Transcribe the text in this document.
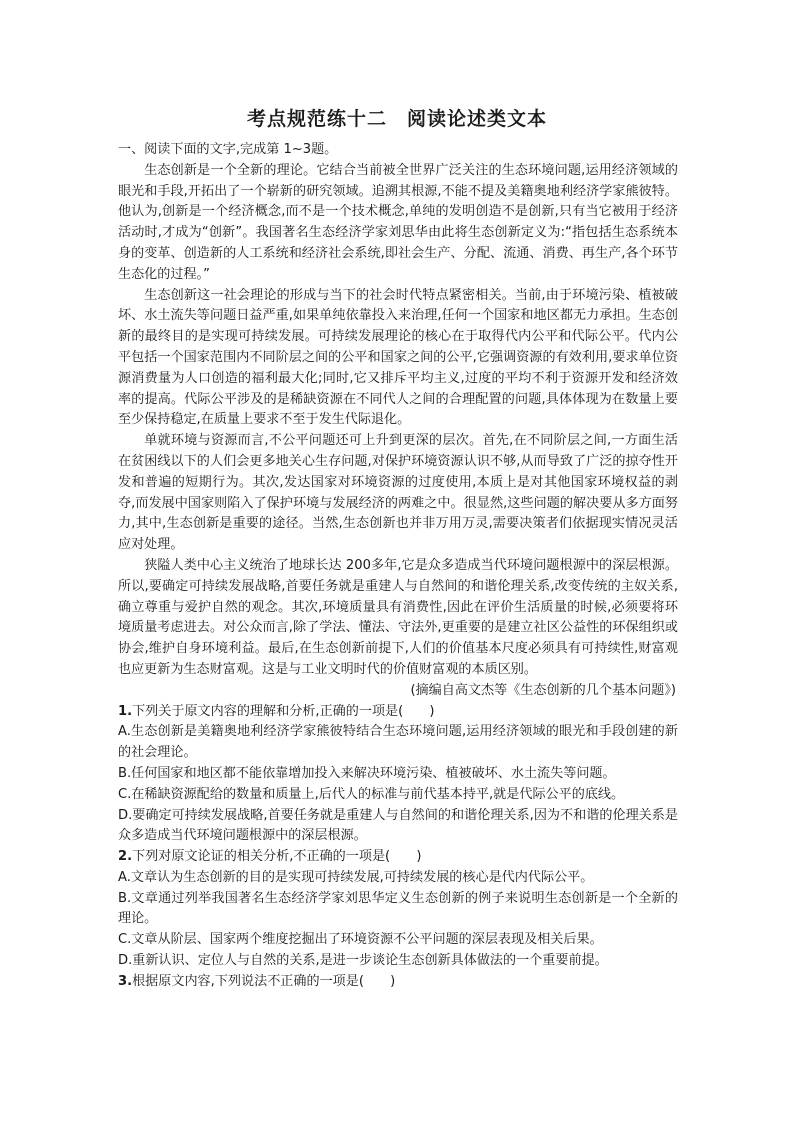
考点规范练十二　阅读论述类文本

一、阅读下面的文字,完成第 1~3题。

生态创新是一个全新的理论。它结合当前被全世界广泛关注的生态环境问题,运用经济领域的眼光和手段,开拓出了一个崭新的研究领域。追溯其根源,不能不提及美籍奥地利经济学家熊彼特。他认为,创新是一个经济概念,而不是一个技术概念,单纯的发明创造不是创新,只有当它被用于经济活动时,才成为“创新”。我国著名生态经济学家刘思华由此将生态创新定义为:“指包括生态系统本身的变革、创造新的人工系统和经济社会系统,即社会生产、分配、流通、消费、再生产,各个环节生态化的过程。”

生态创新这一社会理论的形成与当下的社会时代特点紧密相关。当前,由于环境污染、植被破坏、水土流失等问题日益严重,如果单纯依靠投入来治理,任何一个国家和地区都无力承担。生态创新的最终目的是实现可持续发展。可持续发展理论的核心在于取得代内公平和代际公平。代内公平包括一个国家范围内不同阶层之间的公平和国家之间的公平,它强调资源的有效利用,要求单位资源消费量为人口创造的福利最大化;同时,它又排斥平均主义,过度的平均不利于资源开发和经济效率的提高。代际公平涉及的是稀缺资源在不同代人之间的合理配置的问题,具体体现为在数量上要至少保持稳定,在质量上要求不至于发生代际退化。

单就环境与资源而言,不公平问题还可上升到更深的层次。首先,在不同阶层之间,一方面生活在贫困线以下的人们会更多地关心生存问题,对保护环境资源认识不够,从而导致了广泛的掠夺性开发和普遍的短期行为。其次,发达国家对环境资源的过度使用,本质上是对其他国家环境权益的剥夺,而发展中国家则陷入了保护环境与发展经济的两难之中。很显然,这些问题的解决要从多方面努力,其中,生态创新是重要的途径。当然,生态创新也并非万用万灵,需要决策者们依据现实情况灵活应对处理。

狭隘人类中心主义统治了地球长达 200多年,它是众多造成当代环境问题根源中的深层根源。所以,要确定可持续发展战略,首要任务就是重建人与自然间的和谐伦理关系,改变传统的主奴关系,确立尊重与爱护自然的观念。其次,环境质量具有消费性,因此在评价生活质量的时候,必须要将环境质量考虑进去。对公众而言,除了学法、懂法、守法外,更重要的是建立社区公益性的环保组织或协会,维护自身环境利益。最后,在生态创新前提下,人们的价值基本尺度必须具有可持续性,财富观也应更新为生态财富观。这是与工业文明时代的价值财富观的本质区别。

(摘编自高文杰等《生态创新的几个基本问题》)

1.下列关于原文内容的理解和分析,正确的一项是(　　)

A.生态创新是美籍奥地利经济学家熊彼特结合生态环境问题,运用经济领域的眼光和手段创建的新的社会理论。

B.任何国家和地区都不能依靠增加投入来解决环境污染、植被破坏、水土流失等问题。

C.在稀缺资源配给的数量和质量上,后代人的标准与前代基本持平,就是代际公平的底线。

D.要确定可持续发展战略,首要任务就是重建人与自然间的和谐伦理关系,因为不和谐的伦理关系是众多造成当代环境问题根源中的深层根源。

2.下列对原文论证的相关分析,不正确的一项是(　　)

A.文章认为生态创新的目的是实现可持续发展,可持续发展的核心是代内代际公平。

B.文章通过列举我国著名生态经济学家刘思华定义生态创新的例子来说明生态创新是一个全新的理论。

C.文章从阶层、国家两个维度挖掘出了环境资源不公平问题的深层表现及相关后果。

D.重新认识、定位人与自然的关系,是进一步谈论生态创新具体做法的一个重要前提。

3.根据原文内容,下列说法不正确的一项是(　　)
